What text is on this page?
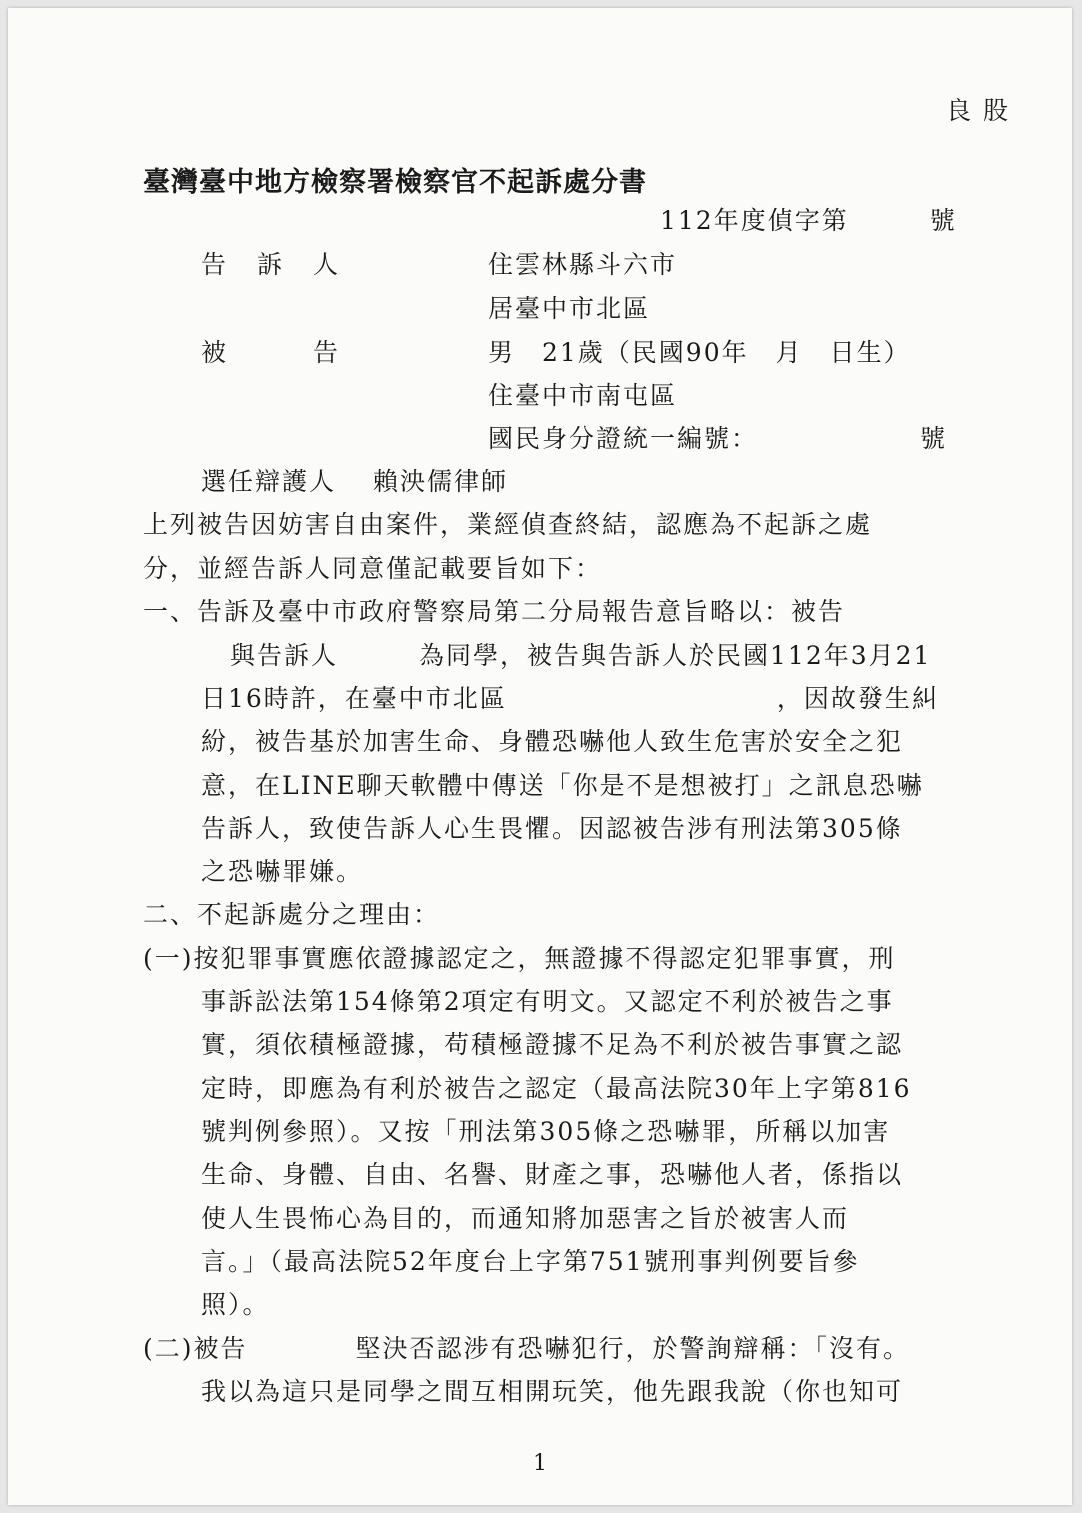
良 股
臺灣臺中地方檢察署檢察官不起訴處分書
112年度偵字第　　　號
告　訴　人	住雲林縣斗六市
居臺中市北區
被　　　告	男　21歲（民國90年　月　日生）
住臺中市南屯區
國民身分證統一編號：	號
選任辯護人 賴泱儒律師
上列被告因妨害自由案件，業經偵查終結，認應為不起訴之處
分，並經告訴人同意僅記載要旨如下：
一、告訴及臺中市政府警察局第二分局報告意旨略以：被告
與告訴人　　　為同學，被告與告訴人於民國112年3月21
日16時許，在臺中市北區　　　　　　　　　　，因故發生糾
紛，被告基於加害生命、身體恐嚇他人致生危害於安全之犯
意，在LINE聊天軟體中傳送「你是不是想被打」之訊息恐嚇
告訴人，致使告訴人心生畏懼。因認被告涉有刑法第305條
之恐嚇罪嫌。
二、不起訴處分之理由：
(一)按犯罪事實應依證據認定之，無證據不得認定犯罪事實，刑
事訴訟法第154條第2項定有明文。又認定不利於被告之事
實，須依積極證據，苟積極證據不足為不利於被告事實之認
定時，即應為有利於被告之認定（最高法院30年上字第816
號判例參照）。又按「刑法第305條之恐嚇罪，所稱以加害
生命、身體、自由、名譽、財產之事，恐嚇他人者，係指以
使人生畏怖心為目的，而通知將加惡害之旨於被害人而
言。」（最高法院52年度台上字第751號刑事判例要旨參
照）。
(二)被告　　　　堅決否認涉有恐嚇犯行，於警詢辯稱：「沒有。
我以為這只是同學之間互相開玩笑，他先跟我說（你也知可
1
